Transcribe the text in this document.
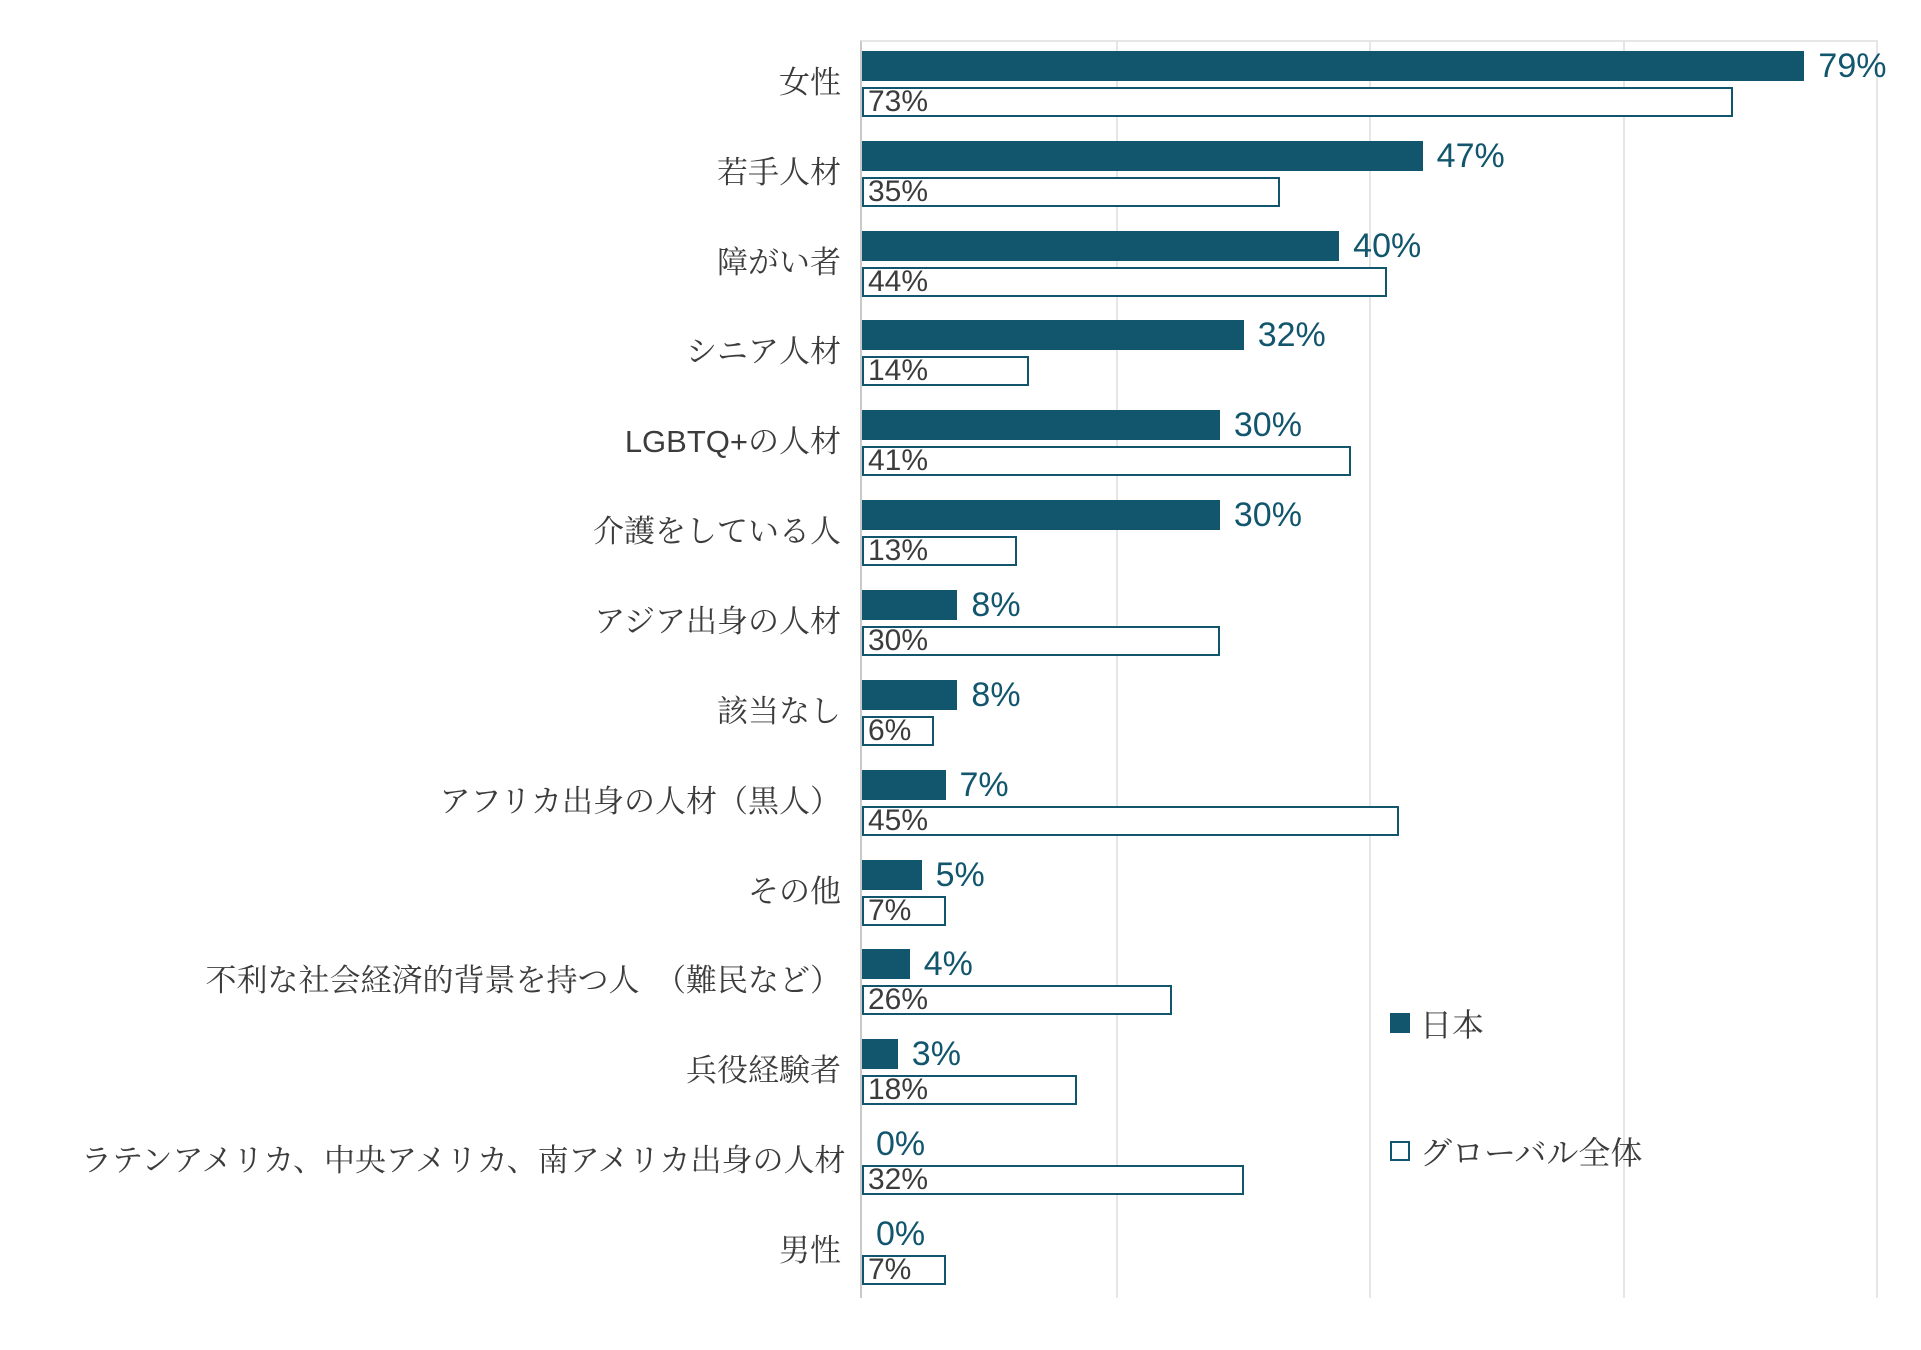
女性	79%
73%
若手人材	47%
35%
障がい者	40%
44%
シニア人材	32%
14%
LGBTQ+の人材	30%
41%
介護をしている人	30%
13%
アジア出身の人材	8%
30%
該当なし	8%
6%
アフリカ出身の人材（黒人）	7%
45%
その他	5%
7%
不利な社会経済的背景を持つ人　（難民など） 4%
26%
兵役経験者 3%
18%
ラテンアメリカ、中央アメリカ、南アメリカ出身の人材 0%
32%
男性 0%
7%
日本
グローバル全体
